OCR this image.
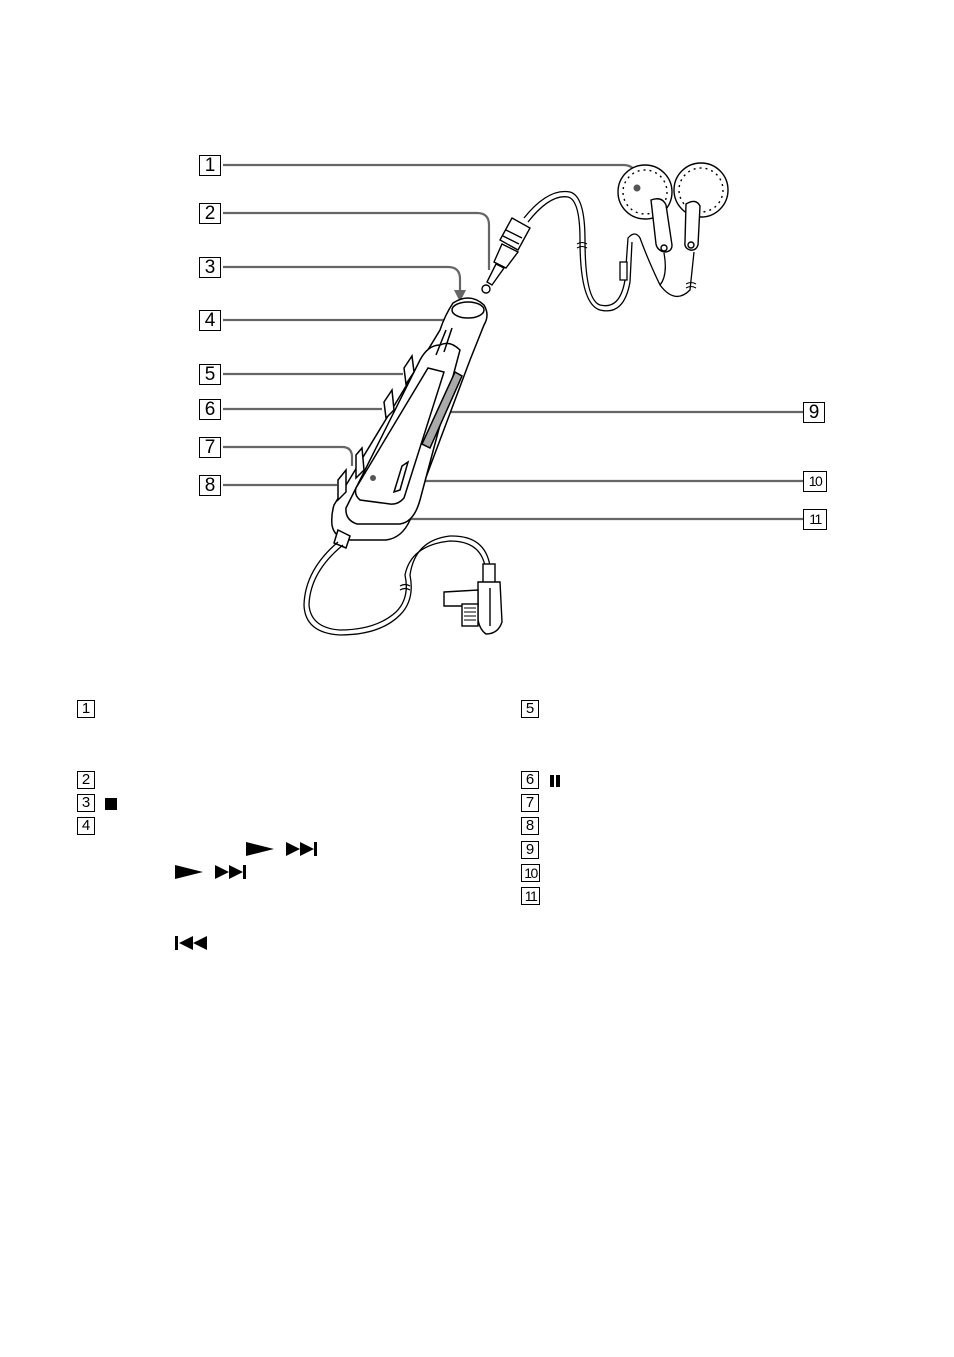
1
2
3
4
5
6
7
8
9
10
11
1
2
3
4
5
6
7
8
9
10
11
